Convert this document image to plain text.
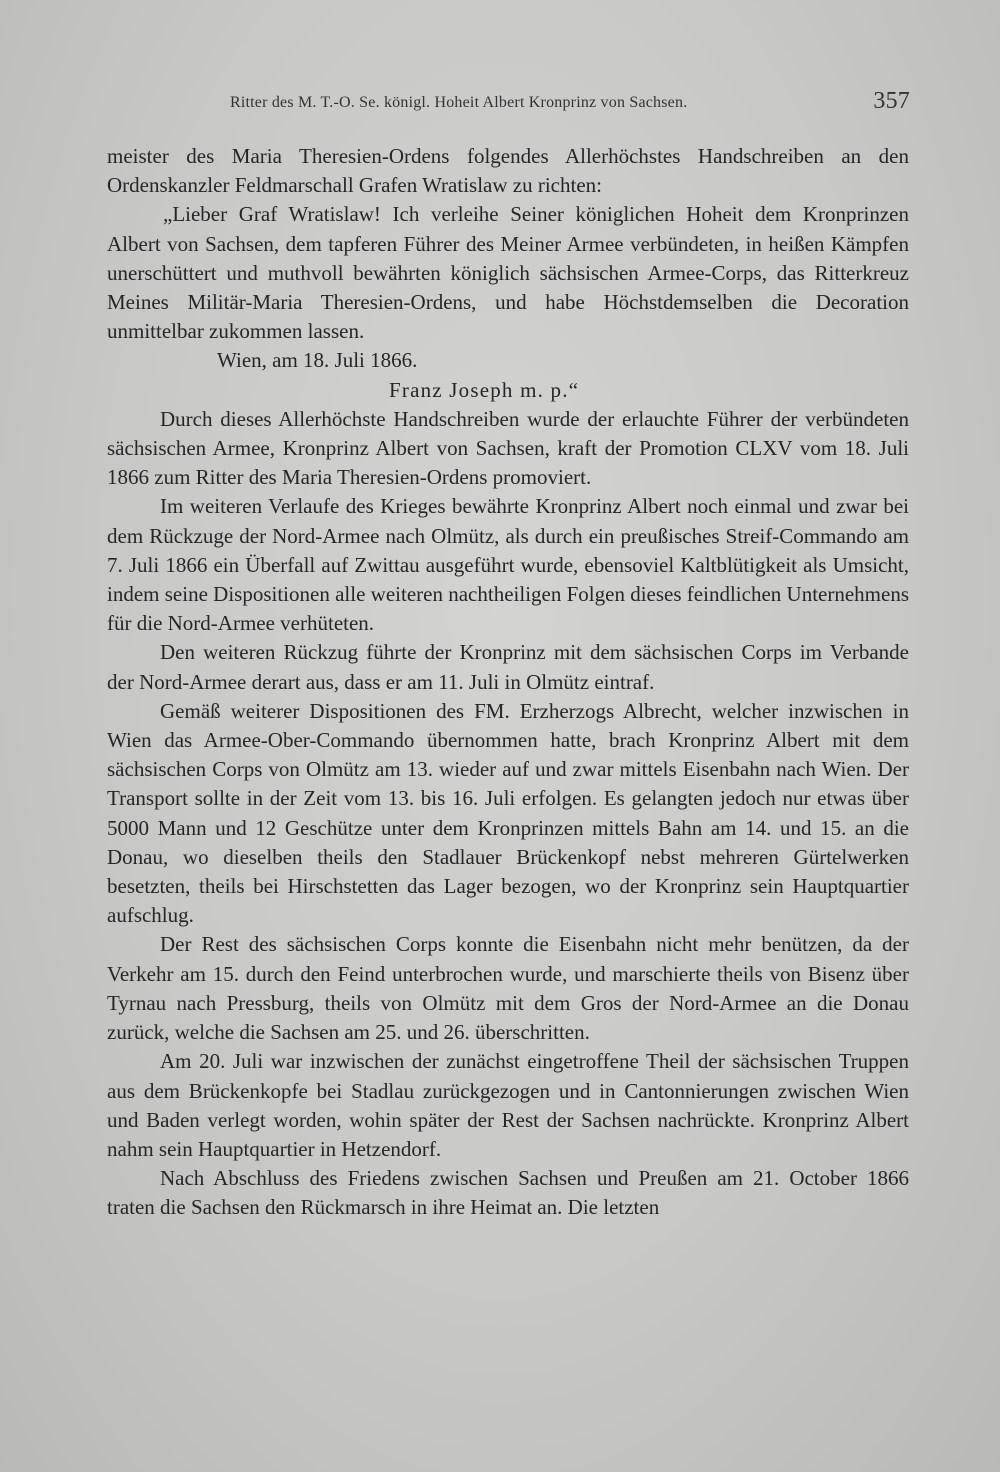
Ritter des M. T.-O. Se. königl. Hoheit Albert Kronprinz von Sachsen.	357

meister des Maria Theresien-Ordens folgendes Allerhöchstes Handschreiben an den Ordenskanzler Feldmarschall Grafen Wratislaw zu richten:

„Lieber Graf Wratislaw! Ich verleihe Seiner königlichen Hoheit dem Kronprinzen Albert von Sachsen, dem tapferen Führer des Meiner Armee verbündeten, in heißen Kämpfen unerschüttert und muthvoll bewährten königlich sächsischen Armee-Corps, das Ritterkreuz Meines Militär-Maria Theresien-Ordens, und habe Höchstdemselben die Decoration unmittelbar zukommen lassen.

Wien, am 18. Juli 1866.

Franz Joseph m. p.“

Durch dieses Allerhöchste Handschreiben wurde der erlauchte Führer der verbündeten sächsischen Armee, Kronprinz Albert von Sachsen, kraft der Promotion CLXV vom 18. Juli 1866 zum Ritter des Maria Theresien-Ordens promoviert.

Im weiteren Verlaufe des Krieges bewährte Kronprinz Albert noch einmal und zwar bei dem Rückzuge der Nord-Armee nach Olmütz, als durch ein preußisches Streif-Commando am 7. Juli 1866 ein Überfall auf Zwittau ausgeführt wurde, ebensoviel Kaltblütigkeit als Umsicht, indem seine Dispositionen alle weiteren nachtheiligen Folgen dieses feindlichen Unternehmens für die Nord-Armee verhüteten.

Den weiteren Rückzug führte der Kronprinz mit dem sächsischen Corps im Verbande der Nord-Armee derart aus, dass er am 11. Juli in Olmütz eintraf.

Gemäß weiterer Dispositionen des FM. Erzherzogs Albrecht, welcher inzwischen in Wien das Armee-Ober-Commando übernommen hatte, brach Kronprinz Albert mit dem sächsischen Corps von Olmütz am 13. wieder auf und zwar mittels Eisenbahn nach Wien. Der Transport sollte in der Zeit vom 13. bis 16. Juli erfolgen. Es gelangten jedoch nur etwas über 5000 Mann und 12 Geschütze unter dem Kronprinzen mittels Bahn am 14. und 15. an die Donau, wo dieselben theils den Stadlauer Brückenkopf nebst mehreren Gürtelwerken besetzten, theils bei Hirschstetten das Lager bezogen, wo der Kronprinz sein Hauptquartier aufschlug.

Der Rest des sächsischen Corps konnte die Eisenbahn nicht mehr benützen, da der Verkehr am 15. durch den Feind unterbrochen wurde, und marschierte theils von Bisenz über Tyrnau nach Pressburg, theils von Olmütz mit dem Gros der Nord-Armee an die Donau zurück, welche die Sachsen am 25. und 26. überschritten.

Am 20. Juli war inzwischen der zunächst eingetroffene Theil der sächsischen Truppen aus dem Brückenkopfe bei Stadlau zurückgezogen und in Cantonnierungen zwischen Wien und Baden verlegt worden, wohin später der Rest der Sachsen nachrückte. Kronprinz Albert nahm sein Hauptquartier in Hetzendorf.

Nach Abschluss des Friedens zwischen Sachsen und Preußen am 21. October 1866 traten die Sachsen den Rückmarsch in ihre Heimat an. Die letzten
